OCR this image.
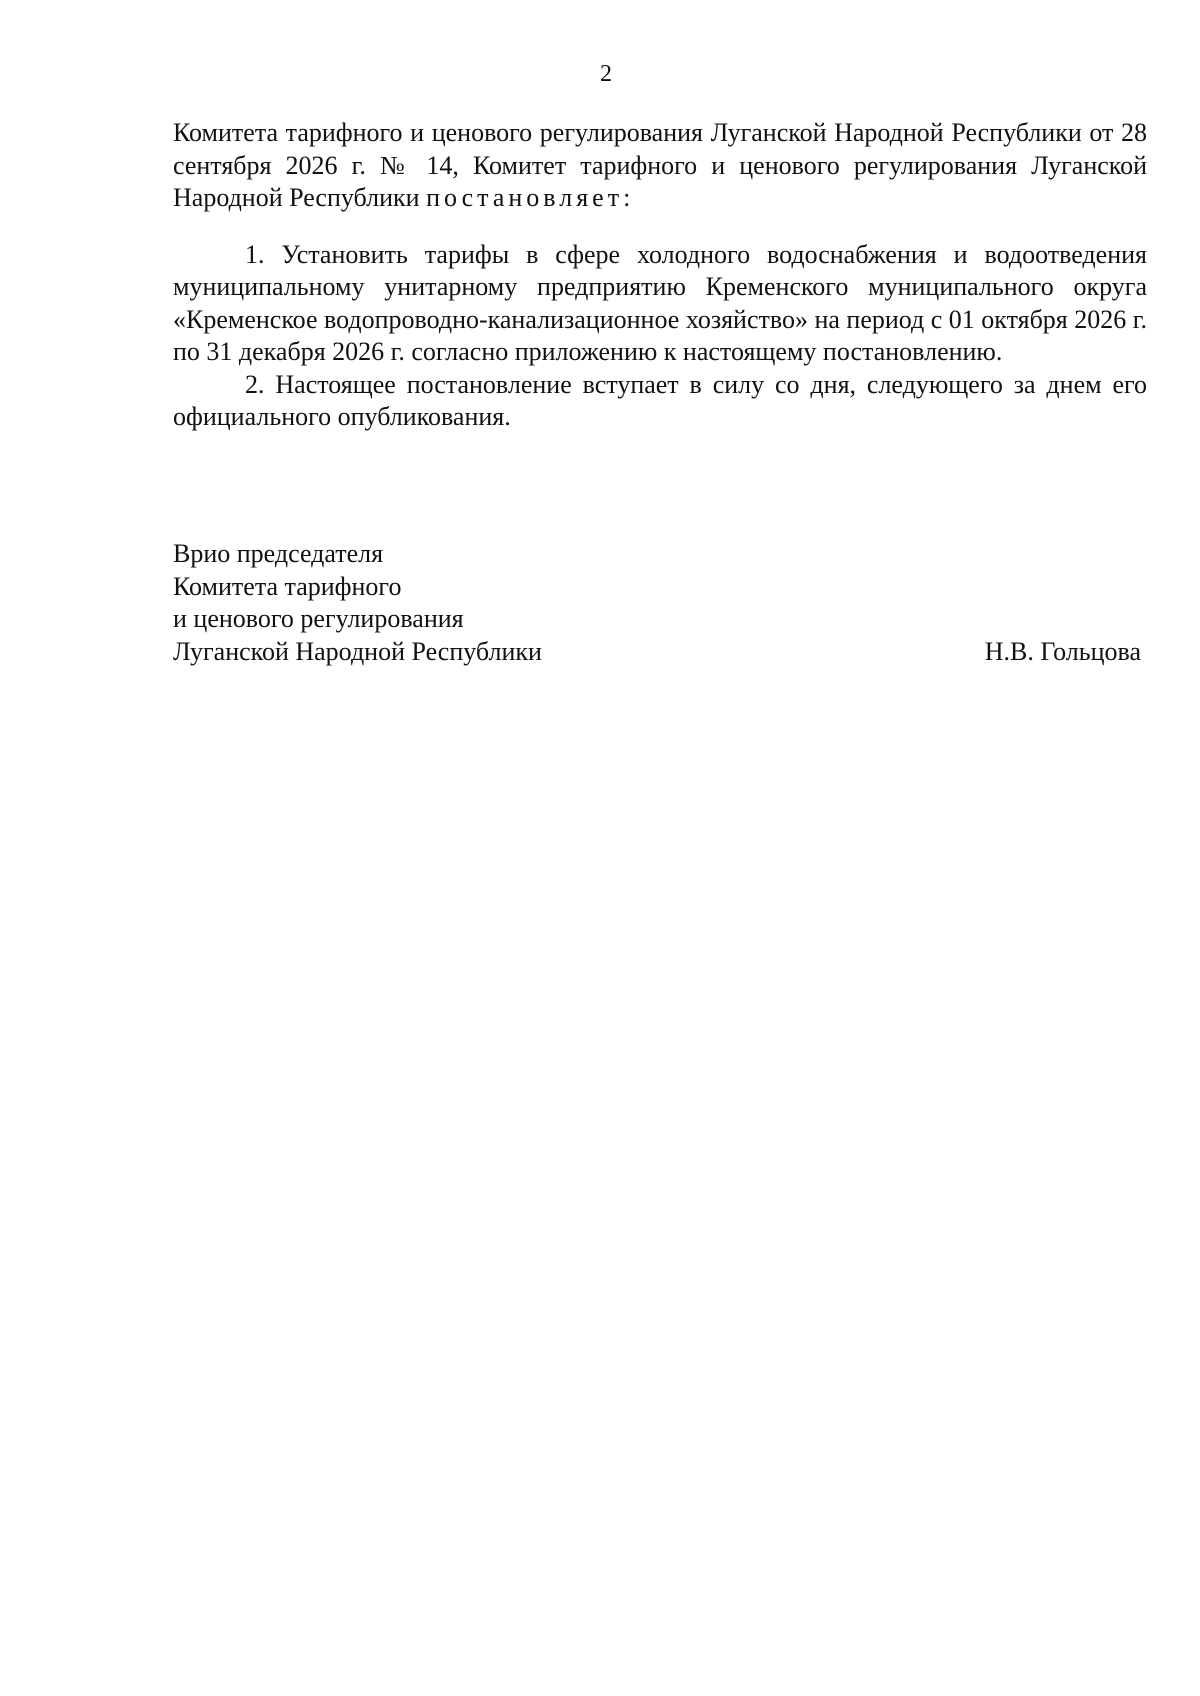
2

Комитета тарифного и ценового регулирования Луганской Народной Республики от 28 сентября 2026 г. № 14, Комитет тарифного и ценового регулирования Луганской Народной Республики постановляет:

1. Установить тарифы в сфере холодного водоснабжения и водоотведения муниципальному унитарному предприятию Кременского муниципального округа «Кременское водопроводно-канализационное хозяйство» на период с 01 октября 2026 г. по 31 декабря 2026 г. согласно приложению к настоящему постановлению.

2. Настоящее постановление вступает в силу со дня, следующего за днем его официального опубликования.

Врио председателя
Комитета тарифного
и ценового регулирования
Луганской Народной Республики	Н.В. Гольцова
